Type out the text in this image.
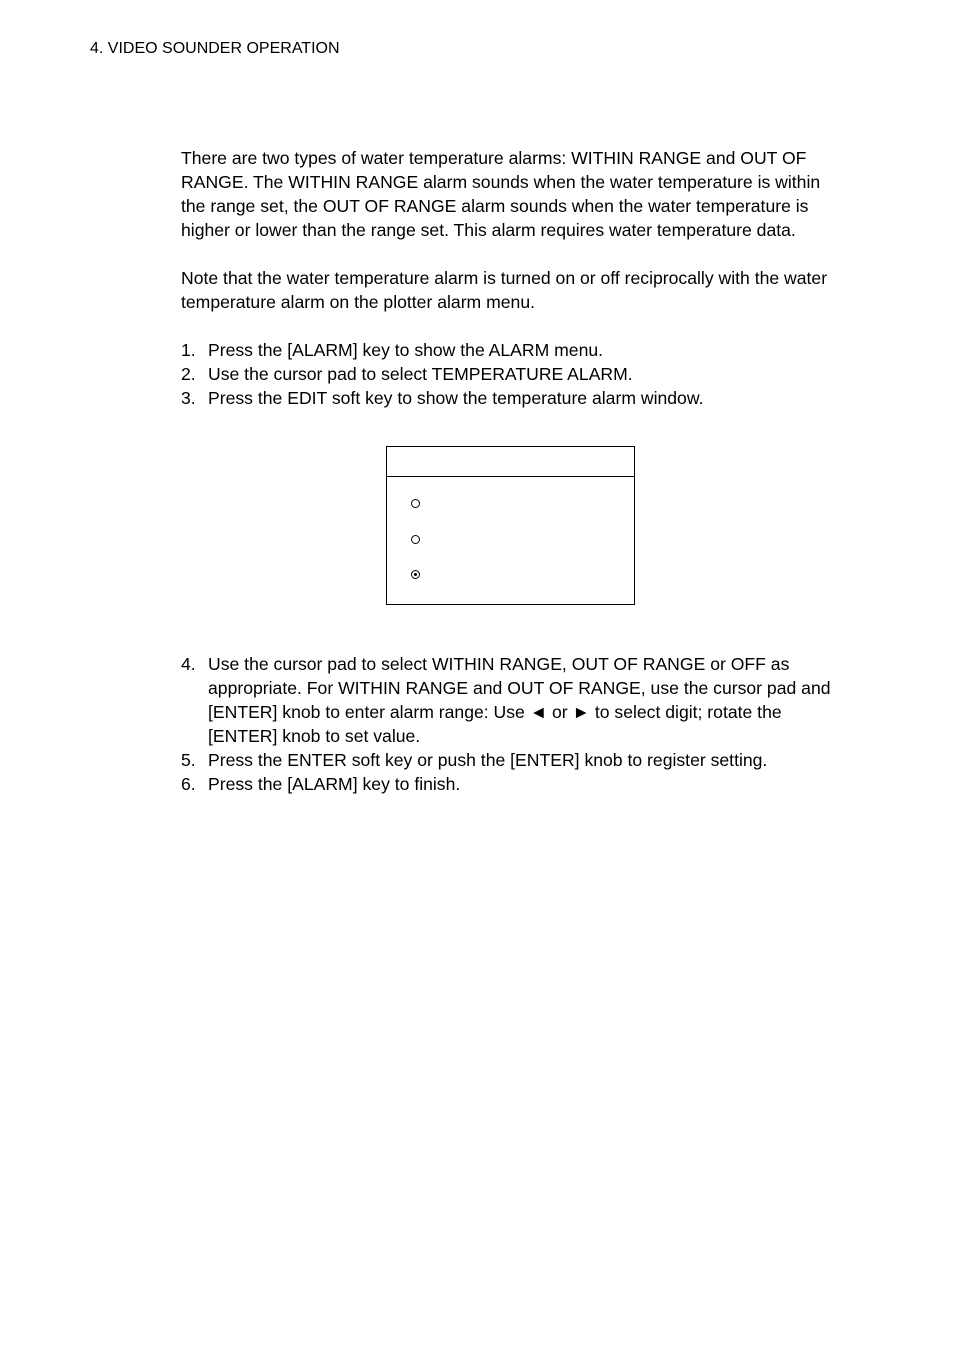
4. VIDEO SOUNDER OPERATION

There are two types of water temperature alarms: WITHIN RANGE and OUT OF RANGE. The WITHIN RANGE alarm sounds when the water temperature is within the range set, the OUT OF RANGE alarm sounds when the water temperature is higher or lower than the range set. This alarm requires water temperature data.

Note that the water temperature alarm is turned on or off reciprocally with the water temperature alarm on the plotter alarm menu.

1. Press the [ALARM] key to show the ALARM menu.
2. Use the cursor pad to select TEMPERATURE ALARM.
3. Press the EDIT soft key to show the temperature alarm window.
4. Use the cursor pad to select WITHIN RANGE, OUT OF RANGE or OFF as appropriate. For WITHIN RANGE and OUT OF RANGE, use the cursor pad and [ENTER] knob to enter alarm range: Use ◄ or ► to select digit; rotate the [ENTER] knob to set value.
5. Press the ENTER soft key or push the [ENTER] knob to register setting.
6. Press the [ALARM] key to finish.
